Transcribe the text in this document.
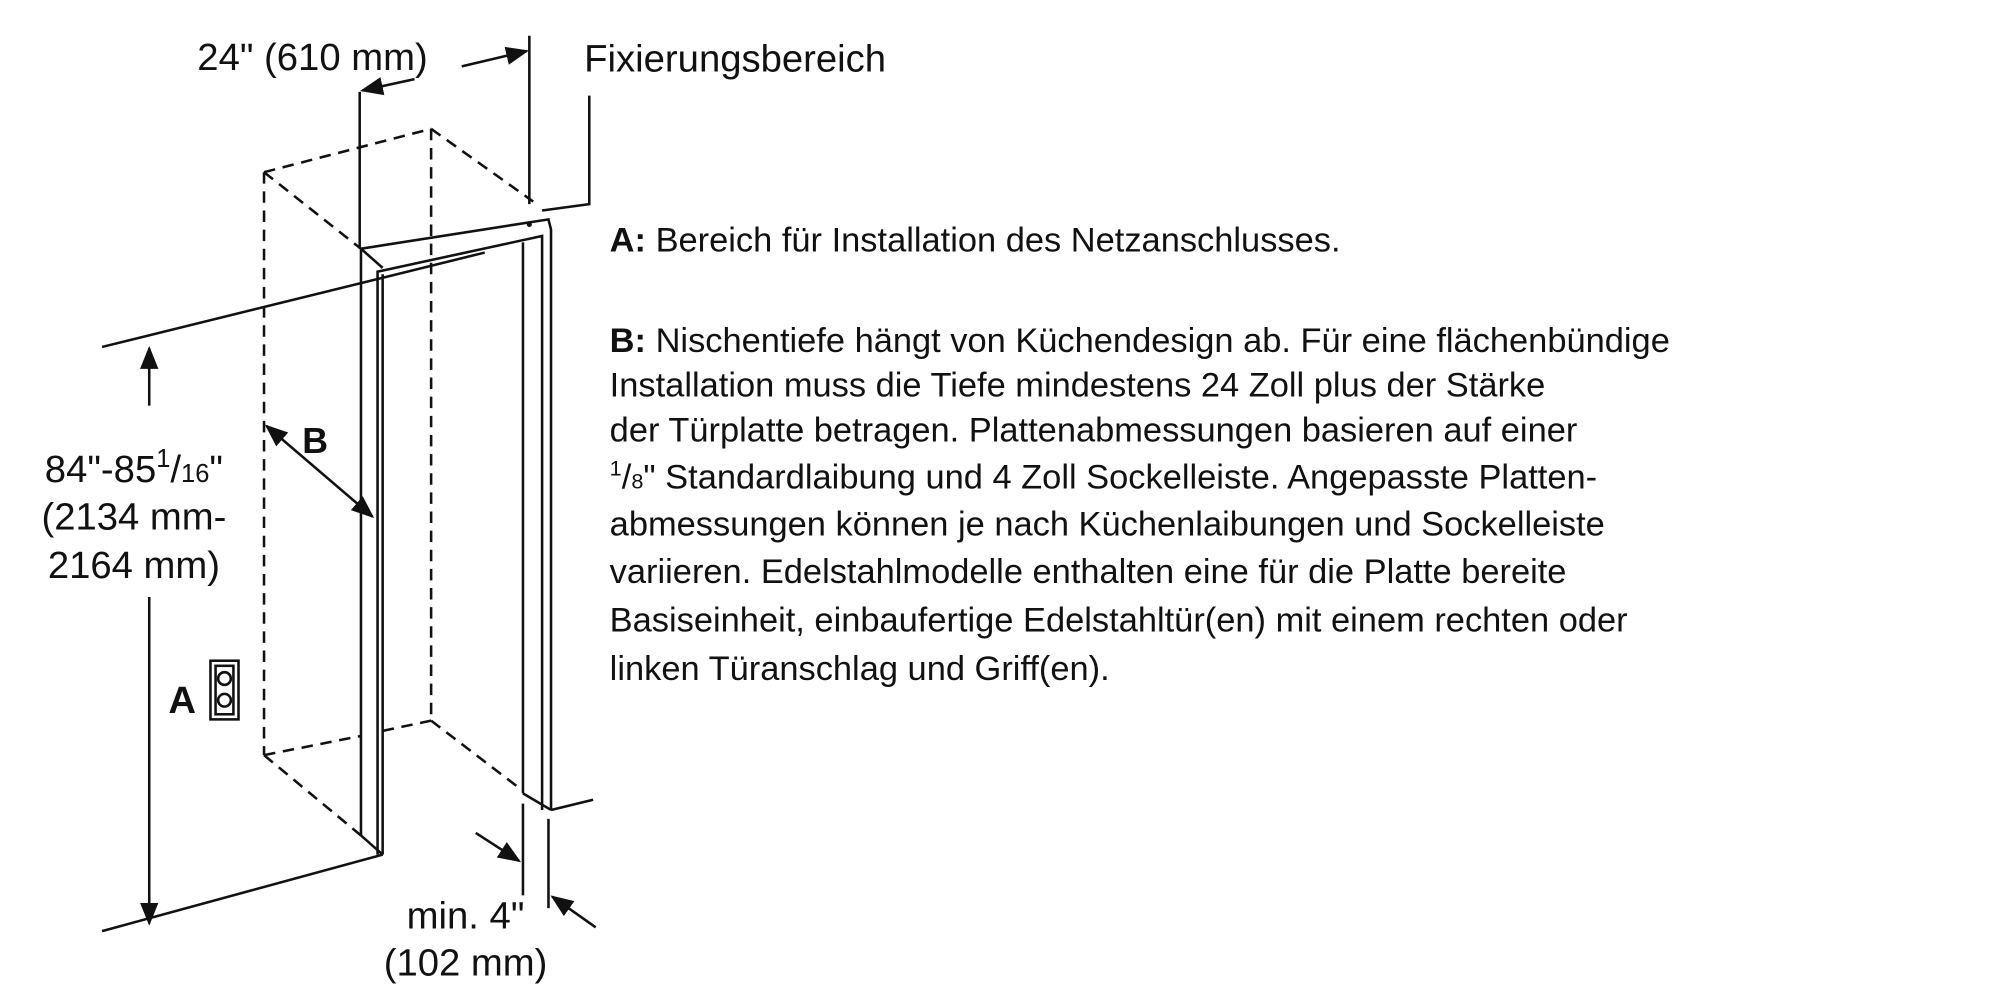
24" (610 mm)	Fixierungsbereich
$84"-85^1/16$"
(2134 mm-
2164 mm)
B
A
min. 4"
(102 mm)
A: Bereich für Installation des Netzanschlusses.
B: Nischentiefe hängt von Küchendesign ab. Für eine flächenbündige
Installation muss die Tiefe mindestens 24 Zoll plus der Stärke
der Türplatte betragen. Plattenabmessungen basieren auf einer
$^1$/8" Standardlaibung und 4 Zoll Sockelleiste. Angepasste Platten-
abmessungen können je nach Küchenlaibungen und Sockelleiste
variieren. Edelstahlmodelle enthalten eine für die Platte bereite
Basiseinheit, einbaufertige Edelstahltür(en) mit einem rechten oder
linken Türanschlag und Griff(en).
